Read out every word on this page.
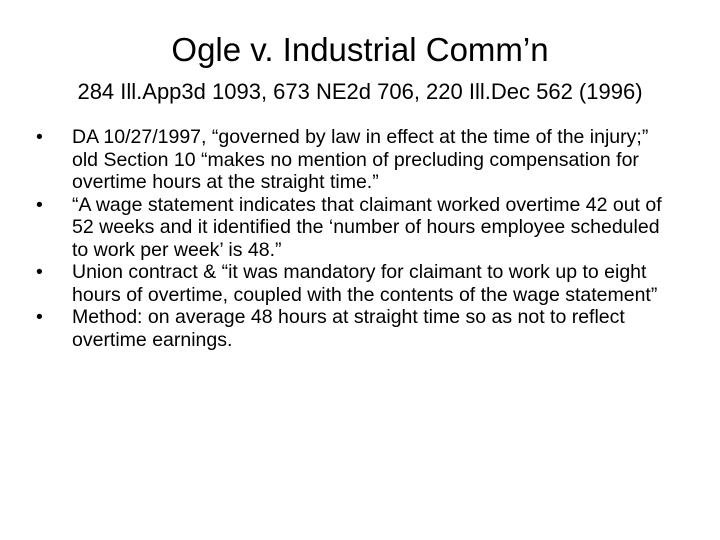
Ogle v. Industrial Comm’n
284 Ill.App3d 1093, 673 NE2d 706, 220 Ill.Dec 562 (1996)
•	DA 10/27/1997, “governed by law in effect at the time of the injury;” old Section 10 “makes no mention of precluding compensation for overtime hours at the straight time.”
•	“A wage statement indicates that claimant worked overtime 42 out of 52 weeks and it identified the ‘number of hours employee scheduled to work per week’ is 48.”
•	Union contract & “it was mandatory for claimant to work up to eight hours of overtime, coupled with the contents of the wage statement”
•	Method: on average 48 hours at straight time so as not to reflect overtime earnings.
